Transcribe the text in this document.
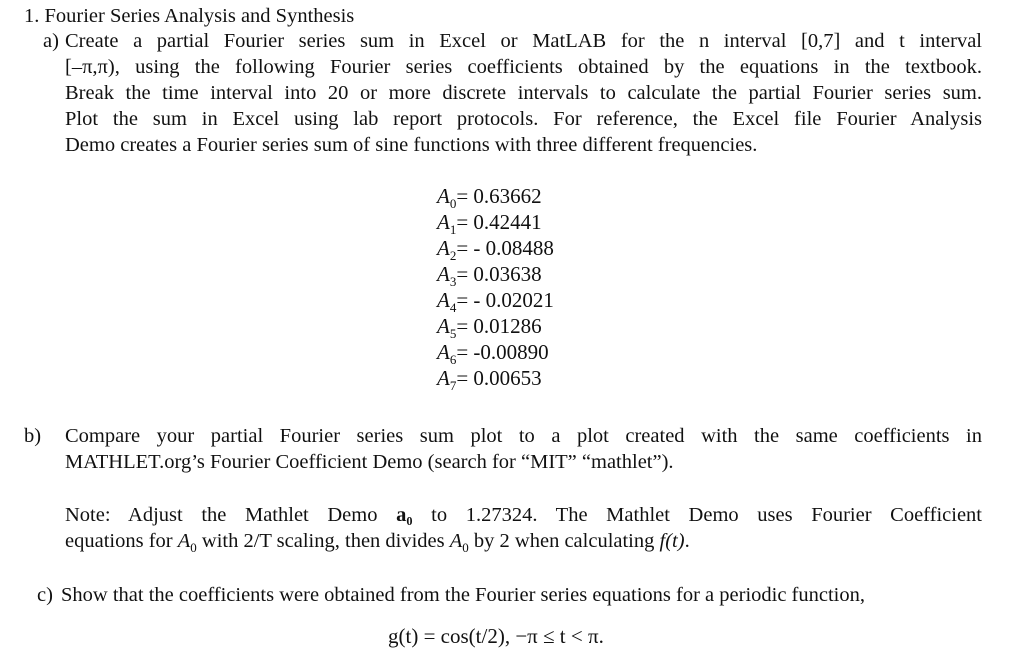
1. Fourier Series Analysis and Synthesis
a) Create a partial Fourier series sum in Excel or MatLAB for the n interval [0,7] and t interval
[–π,π), using the following Fourier series coefficients obtained by the equations in the textbook.
Break the time interval into 20 or more discrete intervals to calculate the partial Fourier series sum.
Plot the sum in Excel using lab report protocols. For reference, the Excel file Fourier Analysis
Demo creates a Fourier series sum of sine functions with three different frequencies.
$A_0= 0.63662$
$A_1= 0.42441$
$A_2= - 0.08488$
$A_3= 0.03638$
$A_4= - 0.02021$
$A_5= 0.01286$
$A_6= -0.00890$
$A_7= 0.00653$
b) Compare your partial Fourier series sum plot to a plot created with the same coefficients in
MATHLET.org’s Fourier Coefficient Demo (search for “MIT” “mathlet”).
Note: Adjust the Mathlet Demo a₀ to 1.27324. The Mathlet Demo uses Fourier Coefficient
equations for $A_0$ with 2/T scaling, then divides $A_0$ by 2 when calculating f(t).
c) Show that the coefficients were obtained from the Fourier series equations for a periodic function,
g(t) = cos(t/2), −π ≤ t < π.
